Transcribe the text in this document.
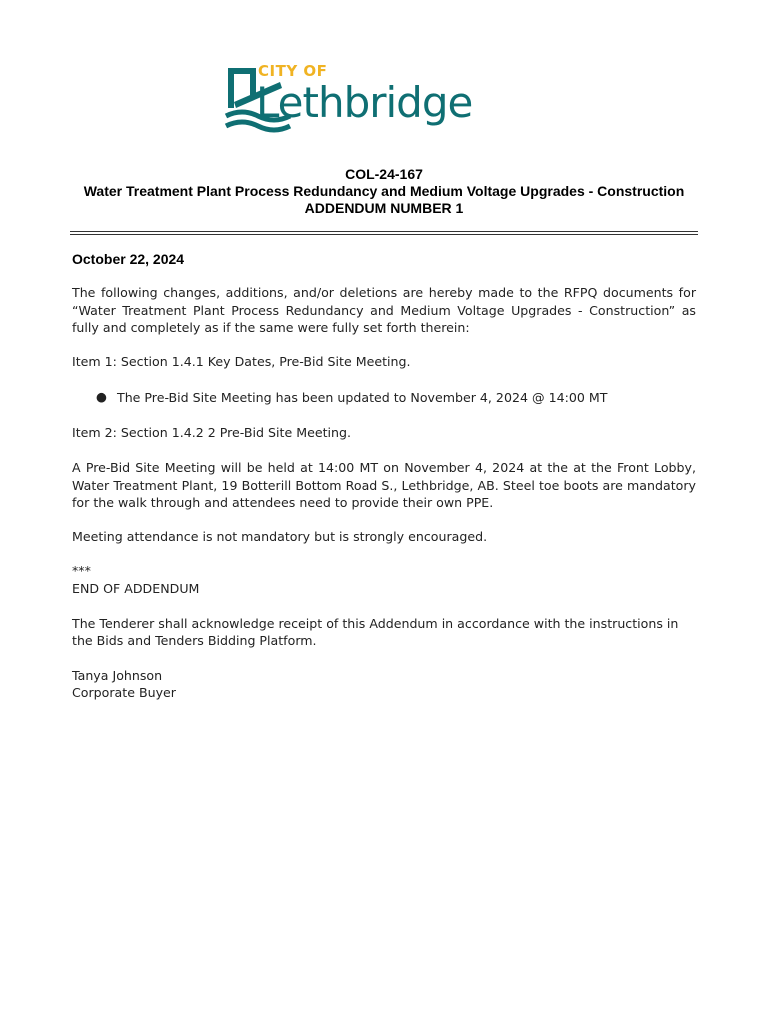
CITY OF
Lethbridge
COL-24-167
Water Treatment Plant Process Redundancy and Medium Voltage Upgrades - Construction
ADDENDUM NUMBER 1
October 22, 2024

The following changes, additions, and/or deletions are hereby made to the RFPQ documents for “Water Treatment Plant Process Redundancy and Medium Voltage Upgrades - Construction” as fully and completely as if the same were fully set forth therein:

Item 1: Section 1.4.1 Key Dates, Pre-Bid Site Meeting.

● The Pre-Bid Site Meeting has been updated to November 4, 2024 @ 14:00 MT

Item 2: Section 1.4.2 2 Pre-Bid Site Meeting.

A Pre-Bid Site Meeting will be held at 14:00 MT on November 4, 2024 at the at the Front Lobby, Water Treatment Plant, 19 Botterill Bottom Road S., Lethbridge, AB. Steel toe boots are mandatory for the walk through and attendees need to provide their own PPE.

Meeting attendance is not mandatory but is strongly encouraged.

***

END OF ADDENDUM

The Tenderer shall acknowledge receipt of this Addendum in accordance with the instructions in

the Bids and Tenders Bidding Platform.

Tanya Johnson

Corporate Buyer
